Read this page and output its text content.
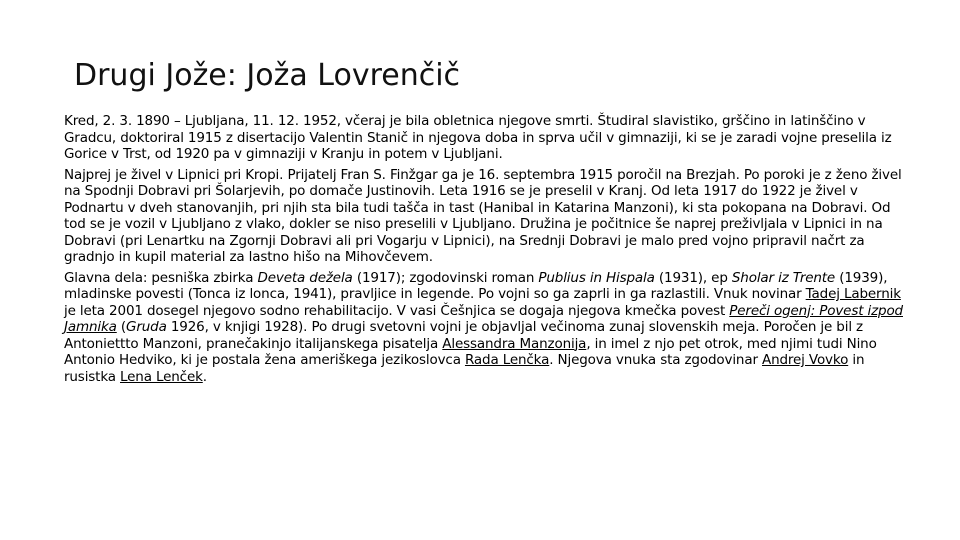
Drugi Jože: Joža Lovrenčič

Kred, 2. 3. 1890 – Ljubljana, 11. 12. 1952, včeraj je bila obletnica njegove smrti. Študiral slavistiko, grščino in latinščino v Gradcu, doktoriral 1915 z disertacijo Valentin Stanič in njegova doba in sprva učil v gimnaziji, ki se je zaradi vojne preselila iz Gorice v Trst, od 1920 pa v gimnaziji v Kranju in potem v Ljubljani.

Najprej je živel v Lipnici pri Kropi. Prijatelj Fran S. Finžgar ga je 16. septembra 1915 poročil na Brezjah. Po poroki je z ženo živel na Spodnji Dobravi pri Šolarjevih, po domače Justinovih. Leta 1916 se je preselil v Kranj. Od leta 1917 do 1922 je živel v Podnartu v dveh stanovanjih, pri njih sta bila tudi tašča in tast (Hanibal in Katarina Manzoni), ki sta pokopana na Dobravi. Od tod se je vozil v Ljubljano z vlako, dokler se niso preselili v Ljubljano. Družina je počitnice še naprej preživljala v Lipnici in na Dobravi (pri Lenartku na Zgornji Dobravi ali pri Vogarju v Lipnici), na Srednji Dobravi je malo pred vojno pripravil načrt za gradnjo in kupil material za lastno hišo na Mihovčevem.

Glavna dela: pesniška zbirka Deveta dežela (1917); zgodovinski roman Publius in Hispala (1931), ep Sholar iz Trente (1939), mladinske povesti (Tonca iz lonca, 1941), pravljice in legende. Po vojni so ga zaprli in ga razlastili. Vnuk novinar Tadej Labernik je leta 2001 dosegel njegovo sodno rehabilitacijo. V vasi Češnjica se dogaja njegova kmečka povest Pereči ogenj: Povest izpod Jamnika (Gruda 1926, v knjigi 1928). Po drugi svetovni vojni je objavljal večinoma zunaj slovenskih meja. Poročen je bil z Antoniettto Manzoni, pranečakinjo italijanskega pisatelja Alessandra Manzonija, in imel z njo pet otrok, med njimi tudi Nino Antonio Hedviko, ki je postala žena ameriškega jezikoslovca Rada Lenčka. Njegova vnuka sta zgodovinar Andrej Vovko in rusistka Lena Lenček.
